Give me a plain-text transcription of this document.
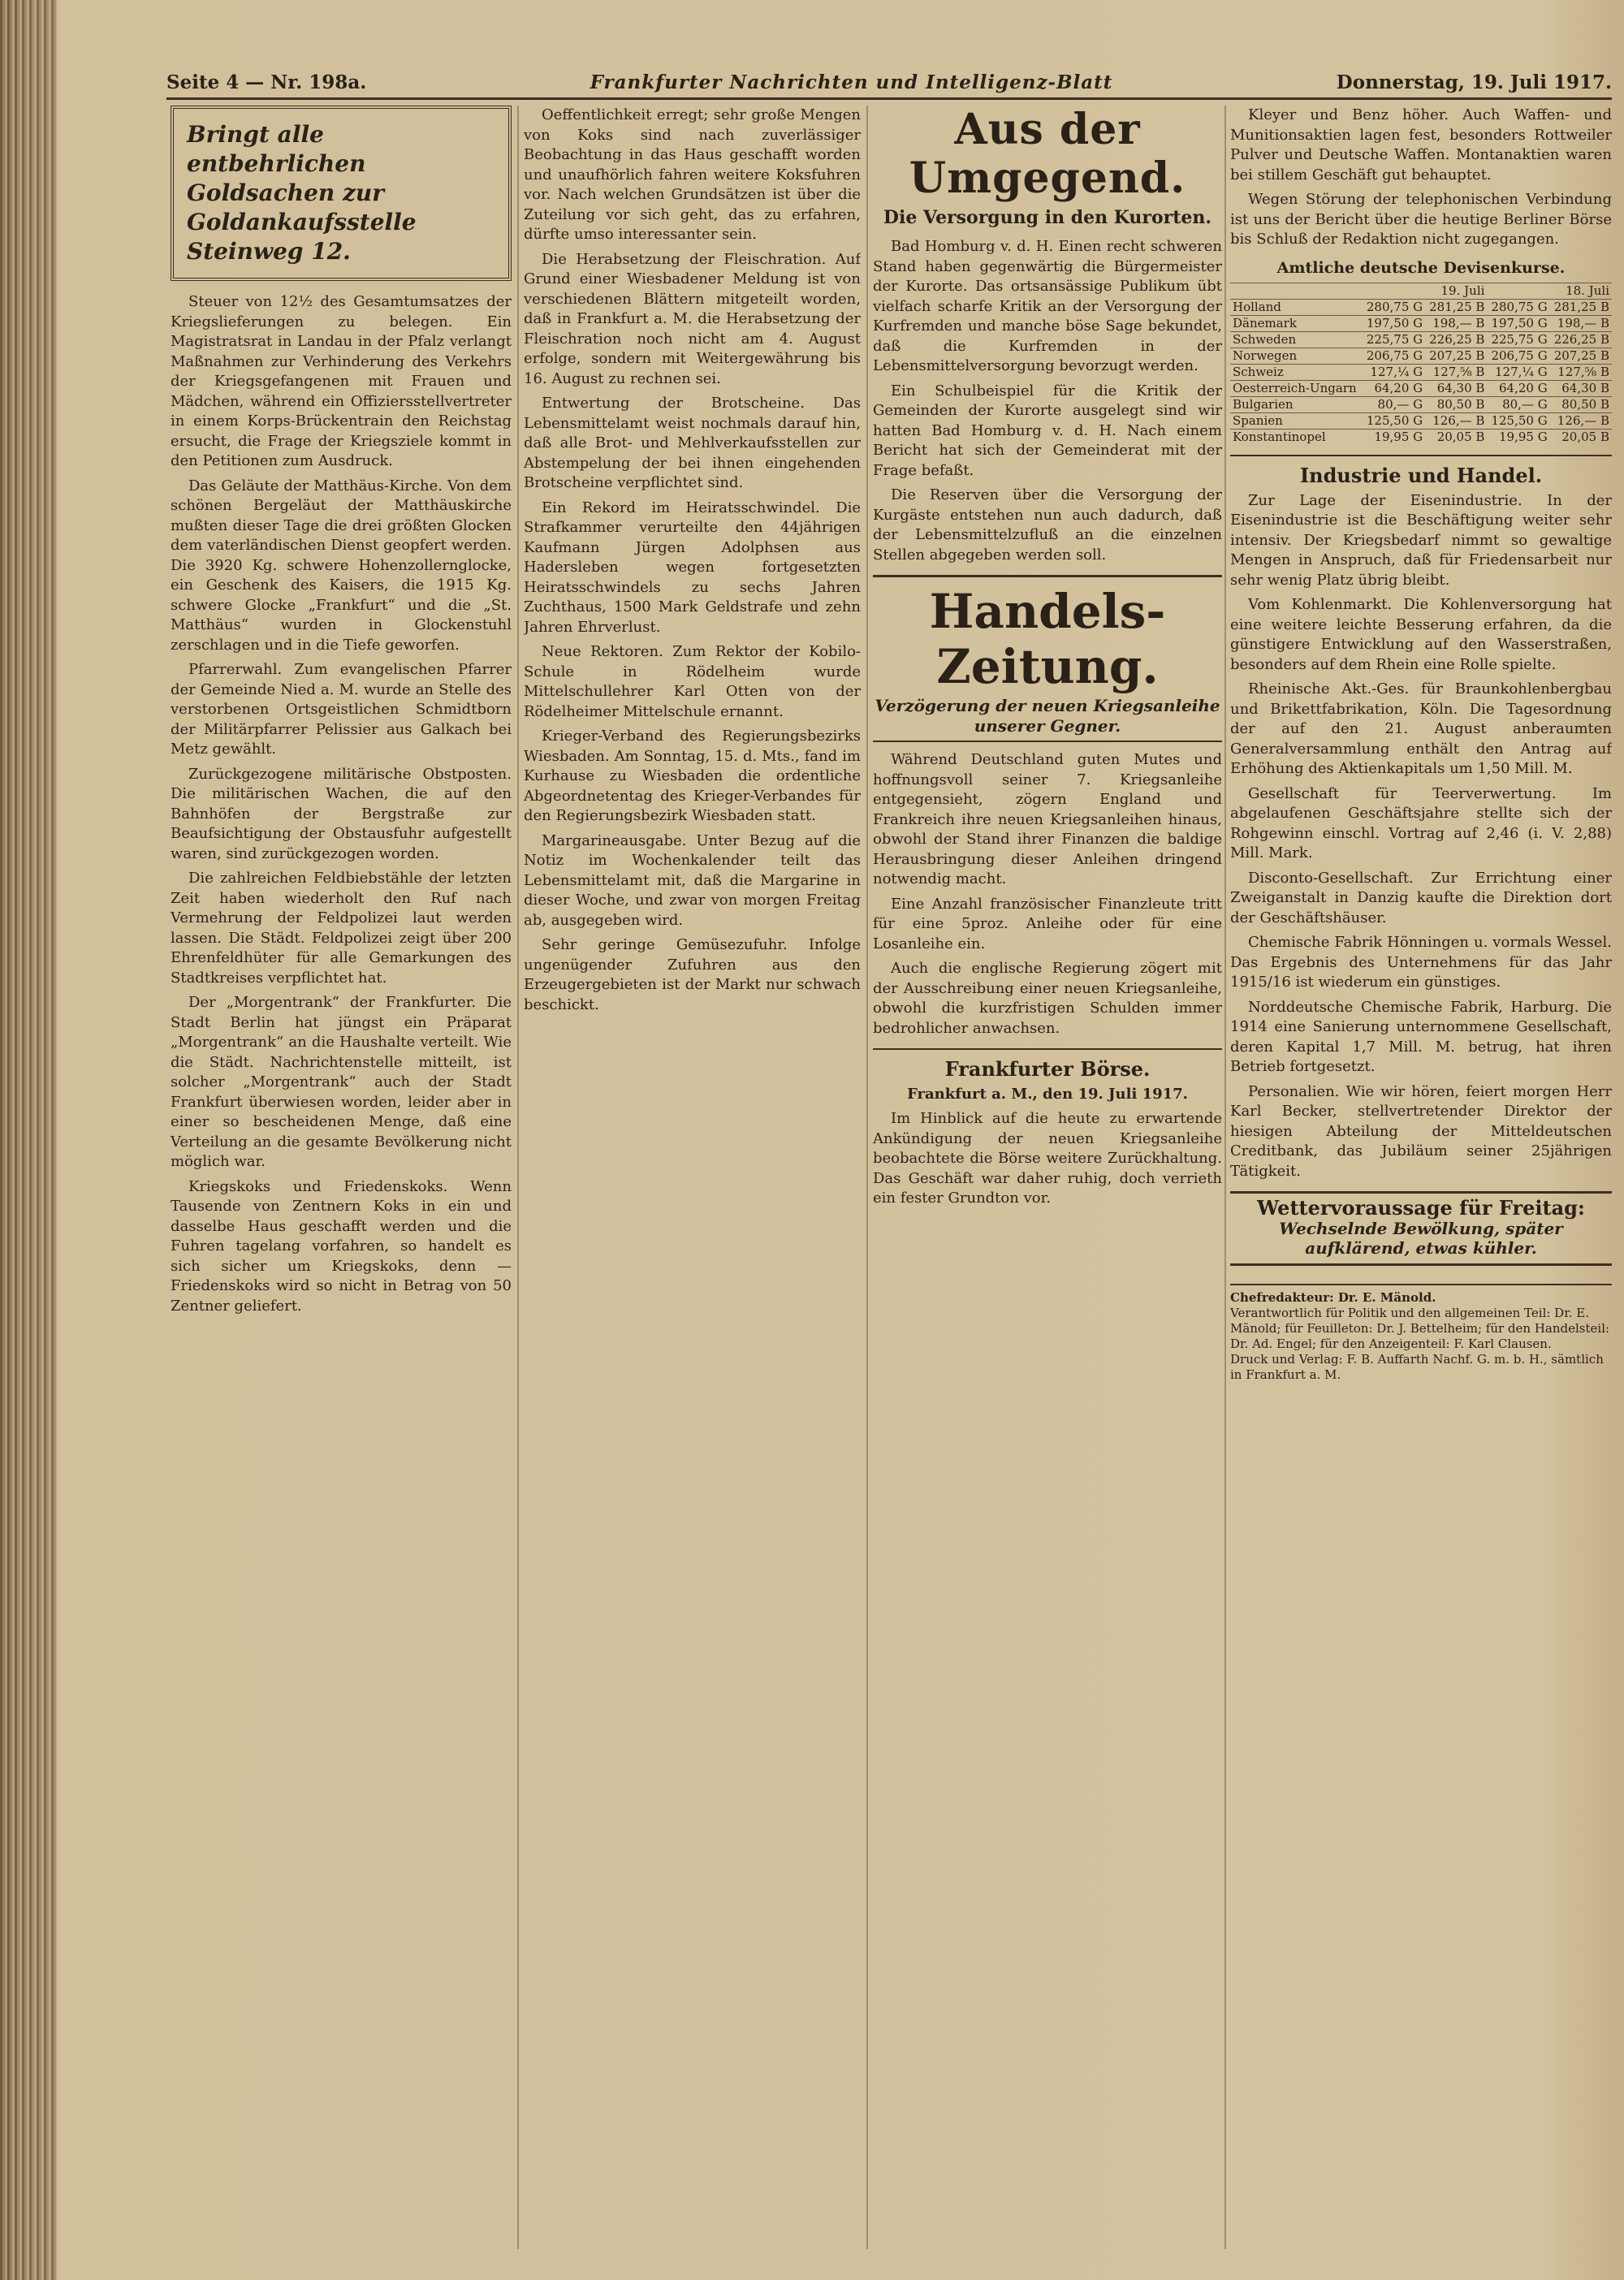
Seite 4 — Nr. 198a.	Frankfurter Nachrichten und Intelligenz-Blatt	Donnerstag, 19. Juli 1917.

Bringt alle entbehrlichen Goldsachen zur Goldankaufsstelle Steinweg 12.

Steuer von 12½ des Gesamtumsatzes der Kriegslieferungen zu belegen. Ein Magistratsrat in Landau in der Pfalz verlangt Maßnahmen zur Verhinderung des Verkehrs der Kriegsgefangenen mit Frauen und Mädchen, während ein Offiziersstellvertreter in einem Korps-Brückentrain den Reichstag ersucht, die Frage der Kriegsziele kommt in den Petitionen zum Ausdruck.

Das Geläute der Matthäus-Kirche. Von dem schönen Bergeläut der Matthäuskirche mußten dieser Tage die drei größten Glocken dem vaterländischen Dienst geopfert werden. Die 3920 Kg. schwere Hohenzollernglocke, ein Geschenk des Kaisers, die 1915 Kg. schwere Glocke „Frankfurt“ und die „St. Matthäus“ wurden in Glockenstuhl zerschlagen und in die Tiefe geworfen.

Pfarrerwahl. Zum evangelischen Pfarrer der Gemeinde Nied a. M. wurde an Stelle des verstorbenen Ortsgeistlichen Schmidtborn der Militärpfarrer Pelissier aus Galkach bei Metz gewählt.

Zurückgezogene militärische Obstposten. Die militärischen Wachen, die auf den Bahnhöfen der Bergstraße zur Beaufsichtigung der Obstausfuhr aufgestellt waren, sind zurückgezogen worden.

Die zahlreichen Feldbiebstähle der letzten Zeit haben wiederholt den Ruf nach Vermehrung der Feldpolizei laut werden lassen. Die Städt. Feldpolizei zeigt über 200 Ehrenfeldhüter für alle Gemarkungen des Stadtkreises verpflichtet hat.

Der „Morgentrank“ der Frankfurter. Die Stadt Berlin hat jüngst ein Präparat „Morgentrank“ an die Haushalte verteilt. Wie die Städt. Nachrichtenstelle mitteilt, ist solcher „Morgentrank“ auch der Stadt Frankfurt überwiesen worden, leider aber in einer so bescheidenen Menge, daß eine Verteilung an die gesamte Bevölkerung nicht möglich war.

Kriegskoks und Friedenskoks. Wenn Tausende von Zentnern Koks in ein und dasselbe Haus geschafft werden und die Fuhren tagelang vorfahren, so handelt es sich sicher um Kriegskoks, denn — Friedenskoks wird so nicht in Betrag von 50 Zentner geliefert.

Oeffentlichkeit erregt; sehr große Mengen von Koks sind nach zuverlässiger Beobachtung in das Haus geschafft worden und unaufhörlich fahren weitere Koksfuhren vor. Nach welchen Grundsätzen ist über die Zuteilung vor sich geht, das zu erfahren, dürfte umso interessanter sein.

Die Herabsetzung der Fleischration. Auf Grund einer Wiesbadener Meldung ist von verschiedenen Blättern mitgeteilt worden, daß in Frankfurt a. M. die Herabsetzung der Fleischration noch nicht am 4. August erfolge, sondern mit Weitergewährung bis 16. August zu rechnen sei.

Entwertung der Brotscheine. Das Lebensmittelamt weist nochmals darauf hin, daß alle Brot- und Mehlverkaufsstellen zur Abstempelung der bei ihnen eingehenden Brotscheine verpflichtet sind.

Ein Rekord im Heiratsschwindel. Die Strafkammer verurteilte den 44jährigen Kaufmann Jürgen Adolphsen aus Hadersleben wegen fortgesetzten Heiratsschwindels zu sechs Jahren Zuchthaus, 1500 Mark Geldstrafe und zehn Jahren Ehrverlust.

Neue Rektoren. Zum Rektor der Kobilo-Schule in Rödelheim wurde Mittelschullehrer Karl Otten von der Rödelheimer Mittelschule ernannt.

Krieger-Verband des Regierungsbezirks Wiesbaden. Am Sonntag, 15. d. Mts., fand im Kurhause zu Wiesbaden die ordentliche Abgeordnetentag des Krieger-Verbandes für den Regierungsbezirk Wiesbaden statt.

Margarineausgabe. Unter Bezug auf die Notiz im Wochenkalender teilt das Lebensmittelamt mit, daß die Margarine in dieser Woche, und zwar von morgen Freitag ab, ausgegeben wird.

Sehr geringe Gemüsezufuhr. Infolge ungenügender Zufuhren aus den Erzeugergebieten ist der Markt nur schwach beschickt.

Aus der Umgegend.
Die Versorgung in den Kurorten.

Bad Homburg v. d. H. Einen recht schweren Stand haben gegenwärtig die Bürgermeister der Kurorte. Das ortsansässige Publikum übt vielfach scharfe Kritik an der Versorgung der Kurfremden und manche böse Sage bekundet, daß die Kurfremden in der Lebensmittelversorgung bevorzugt werden.

Ein Schulbeispiel für die Kritik der Gemeinden der Kurorte ausgelegt sind wir hatten Bad Homburg v. d. H. Nach einem Bericht hat sich der Gemeinderat mit der Frage befaßt.

Die Reserven über die Versorgung der Kurgäste entstehen nun auch dadurch, daß der Lebensmittelzufluß an die einzelnen Stellen abgegeben werden soll.

Handels-Zeitung.
Verzögerung der neuen Kriegsanleihe unserer Gegner.

Während Deutschland guten Mutes und hoffnungsvoll seiner 7. Kriegsanleihe entgegensieht, zögern England und Frankreich ihre neuen Kriegsanleihen hinaus, obwohl der Stand ihrer Finanzen die baldige Herausbringung dieser Anleihen dringend notwendig macht.

Eine Anzahl französischer Finanzleute tritt für eine 5proz. Anleihe oder für eine Losanleihe ein.

Auch die englische Regierung zögert mit der Ausschreibung einer neuen Kriegsanleihe, obwohl die kurzfristigen Schulden immer bedrohlicher anwachsen.

Frankfurter Börse.

Frankfurt a. M., den 19. Juli 1917.

Im Hinblick auf die heute zu erwartende Ankündigung der neuen Kriegsanleihe beobachtete die Börse weitere Zurückhaltung. Das Geschäft war daher ruhig, doch verrieth ein fester Grundton vor.

Kleyer und Benz höher. Auch Waffen- und Munitionsaktien lagen fest, besonders Rottweiler Pulver und Deutsche Waffen. Montanaktien waren bei stillem Geschäft gut behauptet.

Wegen Störung der telephonischen Verbindung ist uns der Bericht über die heutige Berliner Börse bis Schluß der Redaktion nicht zugegangen.

Amtliche deutsche Devisenkurse.
	19. Juli		18. Juli	
Holland	280,75 G	281,25 B	280,75 G	281,25 B
Dänemark	197,50 G	198,— B	197,50 G	198,— B
Schweden	225,75 G	226,25 B	225,75 G	226,25 B
Norwegen	206,75 G	207,25 B	206,75 G	207,25 B
Schweiz	127,¼ G	127,⅝ B	127,¼ G	127,⅝ B
Oesterreich-Ungarn	64,20 G	64,30 B	64,20 G	64,30 B
Bulgarien	80,— G	80,50 B	80,— G	80,50 B
Spanien	125,50 G	126,— B	125,50 G	126,— B
Konstantinopel	19,95 G	20,05 B	19,95 G	20,05 B
Industrie und Handel.

Zur Lage der Eisenindustrie. In der Eisenindustrie ist die Beschäftigung weiter sehr intensiv. Der Kriegsbedarf nimmt so gewaltige Mengen in Anspruch, daß für Friedensarbeit nur sehr wenig Platz übrig bleibt.

Vom Kohlenmarkt. Die Kohlenversorgung hat eine weitere leichte Besserung erfahren, da die günstigere Entwicklung auf den Wasserstraßen, besonders auf dem Rhein eine Rolle spielte.

Rheinische Akt.-Ges. für Braunkohlenbergbau und Brikettfabrikation, Köln. Die Tagesordnung der auf den 21. August anberaumten Generalversammlung enthält den Antrag auf Erhöhung des Aktienkapitals um 1,50 Mill. M.

Gesellschaft für Teerverwertung. Im abgelaufenen Geschäftsjahre stellte sich der Rohgewinn einschl. Vortrag auf 2,46 (i. V. 2,88) Mill. Mark.

Disconto-Gesellschaft. Zur Errichtung einer Zweiganstalt in Danzig kaufte die Direktion dort der Geschäftshäuser.

Chemische Fabrik Hönningen u. vormals Wessel. Das Ergebnis des Unternehmens für das Jahr 1915/16 ist wiederum ein günstiges.

Norddeutsche Chemische Fabrik, Harburg. Die 1914 eine Sanierung unternommene Gesellschaft, deren Kapital 1,7 Mill. M. betrug, hat ihren Betrieb fortgesetzt.

Personalien. Wie wir hören, feiert morgen Herr Karl Becker, stellvertretender Direktor der hiesigen Abteilung der Mitteldeutschen Creditbank, das Jubiläum seiner 25jährigen Tätigkeit.

Wettervoraussage für Freitag:
Wechselnde Bewölkung, später aufklärend, etwas kühler.

Chefredakteur: Dr. E. Mänold.

Verantwortlich für Politik und den allgemeinen Teil: Dr. E. Mänold; für Feuilleton: Dr. J. Bettelheim; für den Handelsteil: Dr. Ad. Engel; für den Anzeigenteil: F. Karl Clausen.

Druck und Verlag: F. B. Auffarth Nachf. G. m. b. H., sämtlich in Frankfurt a. M.
